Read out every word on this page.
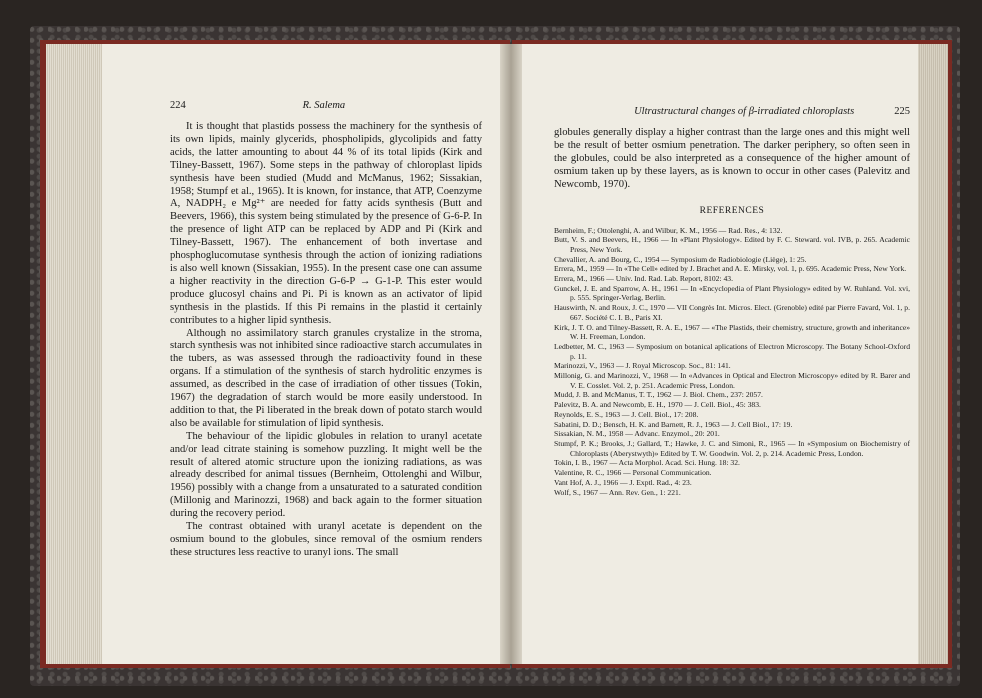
224	R. Salema

It is thought that plastids possess the machinery for the synthesis of its own lipids, mainly glycerids, phospholipids, glycolipids and fatty acids, the latter amounting to about 44 % of its total lipids (Kirk and Tilney-Bassett, 1967). Some steps in the pathway of chloroplast lipids synthesis have been studied (Mudd and McManus, 1962; Sissakian, 1958; Stumpf et al., 1965). It is known, for instance, that ATP, Coenzyme A, NADPH₂ e Mg²⁺ are needed for fatty acids synthesis (Butt and Beevers, 1966), this system being stimulated by the presence of G-6-P. In the presence of light ATP can be replaced by ADP and Pi (Kirk and Tilney-Bassett, 1967). The enhancement of both invertase and phosphoglucomutase synthesis through the action of ionizing radiations is also well known (Sissakian, 1955). In the present case one can assume a higher reactivity in the direction G-6-P → G-1-P. This ester would produce glucosyl chains and Pi. Pi is known as an activator of lipid synthesis in the plastids. If this Pi remains in the plastid it certainly contributes to a higher lipid synthesis.

Although no assimilatory starch granules crystalize in the stroma, starch synthesis was not inhibited since radioactive starch accumulates in the tubers, as was assessed through the radioactivity found in these organs. If a stimulation of the synthesis of starch hydrolitic enzymes is assumed, as described in the case of irradiation of other tissues (Tokin, 1967) the degradation of starch would be more easily understood. In addition to that, the Pi liberated in the break down of potato starch would also be available for stimulation of lipid synthesis.

The behaviour of the lipidic globules in relation to uranyl acetate and/or lead citrate staining is somehow puzzling. It might well be the result of altered atomic structure upon the ionizing radiations, as was already described for animal tissues (Bernheim, Ottolenghi and Wilbur, 1956) possibly with a change from a unsaturated to a saturated condition (Millonig and Marinozzi, 1968) and back again to the former situation during the recovery period.

The contrast obtained with uranyl acetate is dependent on the osmium bound to the globules, since removal of the osmium renders these structures less reactive to uranyl ions. The small

Ultrastructural changes of β-irradiated chloroplasts	225

globules generally display a higher contrast than the large ones and this might well be the result of better osmium penetration. The darker periphery, so often seen in the globules, could be also interpreted as a consequence of the higher amount of osmium taken up by these layers, as is known to occur in other cases (Palevitz and Newcomb, 1970).

REFERENCES
Bernheim, F.; Ottolenghi, A. and Wilbur, K. M., 1956 — Rad. Res., 4: 132.
Butt, V. S. and Beevers, H., 1966 — In «Plant Physiology». Edited by F. C. Steward. vol. IVB, p. 265. Academic Press, New York.
Chevallier, A. and Bourg, C., 1954 — Symposium de Radiobiologie (Liège), 1: 25.
Errera, M., 1959 — In «The Cell» edited by J. Brachet and A. E. Mirsky, vol. 1, p. 695. Academic Press, New York.
Errera, M., 1966 — Univ. Ind. Rad. Lab. Report, 8102: 43.
Gunckel, J. E. and Sparrow, A. H., 1961 — In «Encyclopedia of Plant Physiology» edited by W. Ruhland. Vol. xvi, p. 555. Springer-Verlag, Berlin.
Hauswirth, N. and Roux, J. C., 1970 — VII Congrès Int. Micros. Elect. (Grenoble) edité par Pierre Favard, Vol. 1, p. 667. Société C. I. B., Paris XI.
Kirk, J. T. O. and Tilney-Bassett, R. A. E., 1967 — «The Plastids, their chemistry, structure, growth and inheritance» W. H. Freeman, London.
Ledbetter, M. C., 1963 — Symposium on botanical aplications of Electron Microscopy. The Botany School-Oxford p. 11.
Marinozzi, V., 1963 — J. Royal Microscop. Soc., 81: 141.
Millonig, G. and Marinozzi, V., 1968 — In «Advances in Optical and Electron Microscopy» edited by R. Barer and V. E. Cosslet. Vol. 2, p. 251. Academic Press, London.
Mudd, J. B. and McManus, T. T., 1962 — J. Biol. Chem., 237: 2057.
Palevitz, B. A. and Newcomb, E. H., 1970 — J. Cell. Biol., 45: 383.
Reynolds, E. S., 1963 — J. Cell. Biol., 17: 208.
Sabatini, D. D.; Bensch, H. K. and Barnett, R. J., 1963 — J. Cell Biol., 17: 19.
Sissakian, N. M., 1958 — Advanc. Enzymol., 20: 201.
Stumpf, P. K.; Brooks, J.; Gallard, T.; Hawke, J. C. and Simoni, R., 1965 — In «Symposium on Biochemistry of Chloroplasts (Aberystwyth)» Edited by T. W. Goodwin. Vol. 2, p. 214. Academic Press, London.
Tokin, I. B., 1967 — Acta Morphol. Acad. Sci. Hung. 18: 32.
Valentine, R. C., 1966 — Personal Communication.
Vant Hof, A. J., 1966 — J. Exptl. Rad., 4: 23.
Wolf, S., 1967 — Ann. Rev. Gen., 1: 221.
